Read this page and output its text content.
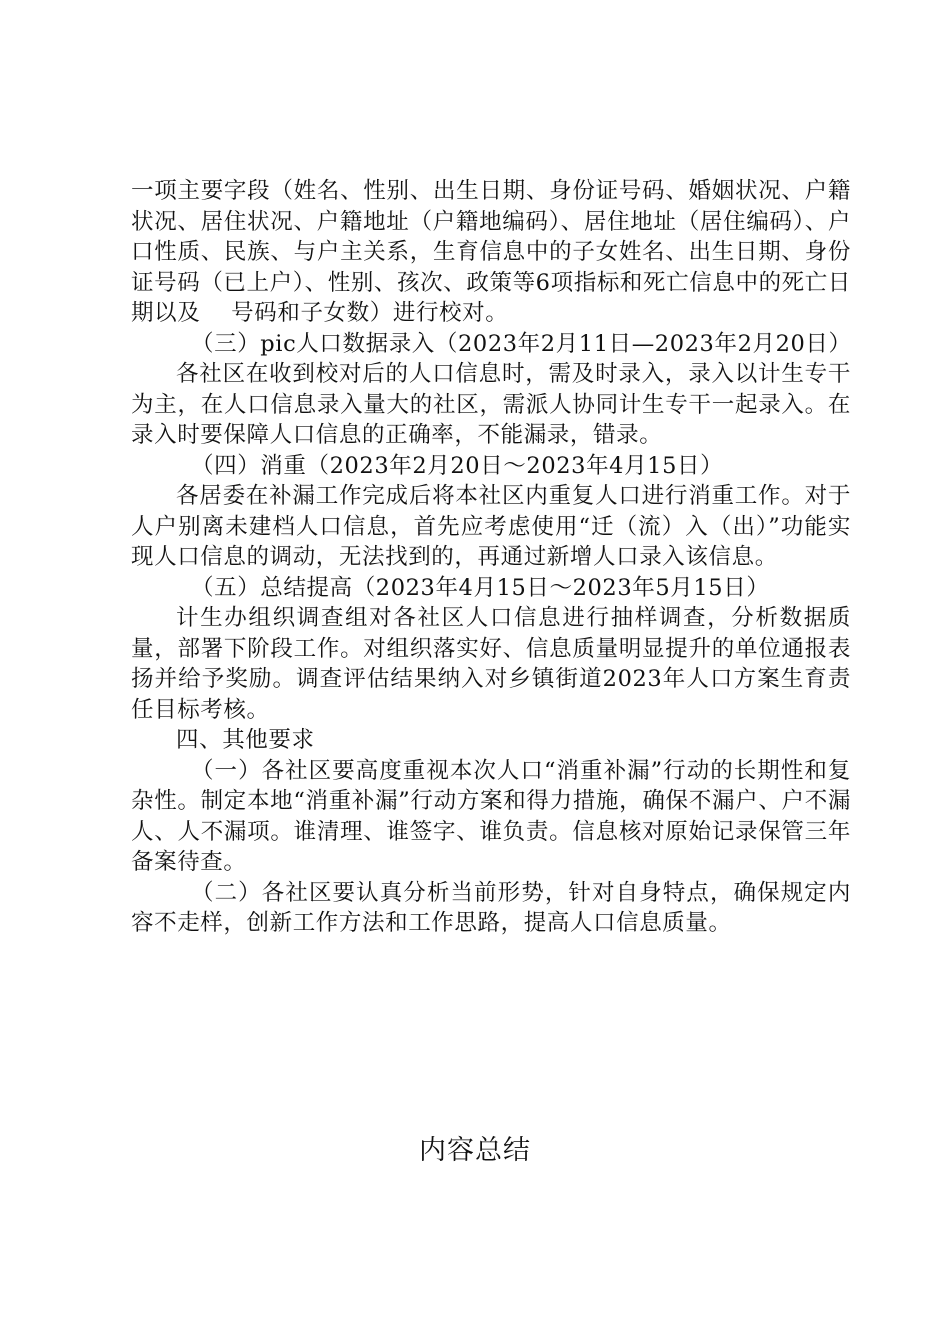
一项主要字段（姓名、性别、出生日期、身份证号码、婚姻状况、户籍状况、居住状况、户籍地址（户籍地编码）、居住地址（居住编码）、户口性质、民族、与户主关系，生育信息中的子女姓名、出生日期、身份证号码（已上户）、性别、孩次、政策等6项指标和死亡信息中的死亡日期以及　 号码和子女数）进行校对。

（三）pic人口数据录入（2023年2月11日—2023年2月20日）

各社区在收到校对后的人口信息时，需及时录入，录入以计生专干为主，在人口信息录入量大的社区，需派人协同计生专干一起录入。在录入时要保障人口信息的正确率，不能漏录，错录。

（四）消重（2023年2月20日～2023年4月15日）

各居委在补漏工作完成后将本社区内重复人口进行消重工作。对于人户别离未建档人口信息，首先应考虑使用“迁（流）入（出）”功能实现人口信息的调动，无法找到的，再通过新增人口录入该信息。

（五）总结提高（2023年4月15日～2023年5月15日）

计生办组织调查组对各社区人口信息进行抽样调查，分析数据质量，部署下阶段工作。对组织落实好、信息质量明显提升的单位通报表扬并给予奖励。调查评估结果纳入对乡镇街道2023年人口方案生育责任目标考核。

四、其他要求

（一）各社区要高度重视本次人口“消重补漏”行动的长期性和复杂性。制定本地“消重补漏”行动方案和得力措施，确保不漏户、户不漏人、人不漏项。谁清理、谁签字、谁负责。信息核对原始记录保管三年备案待查。

（二）各社区要认真分析当前形势，针对自身特点，确保规定内容不走样，创新工作方法和工作思路，提高人口信息质量。

内容总结
